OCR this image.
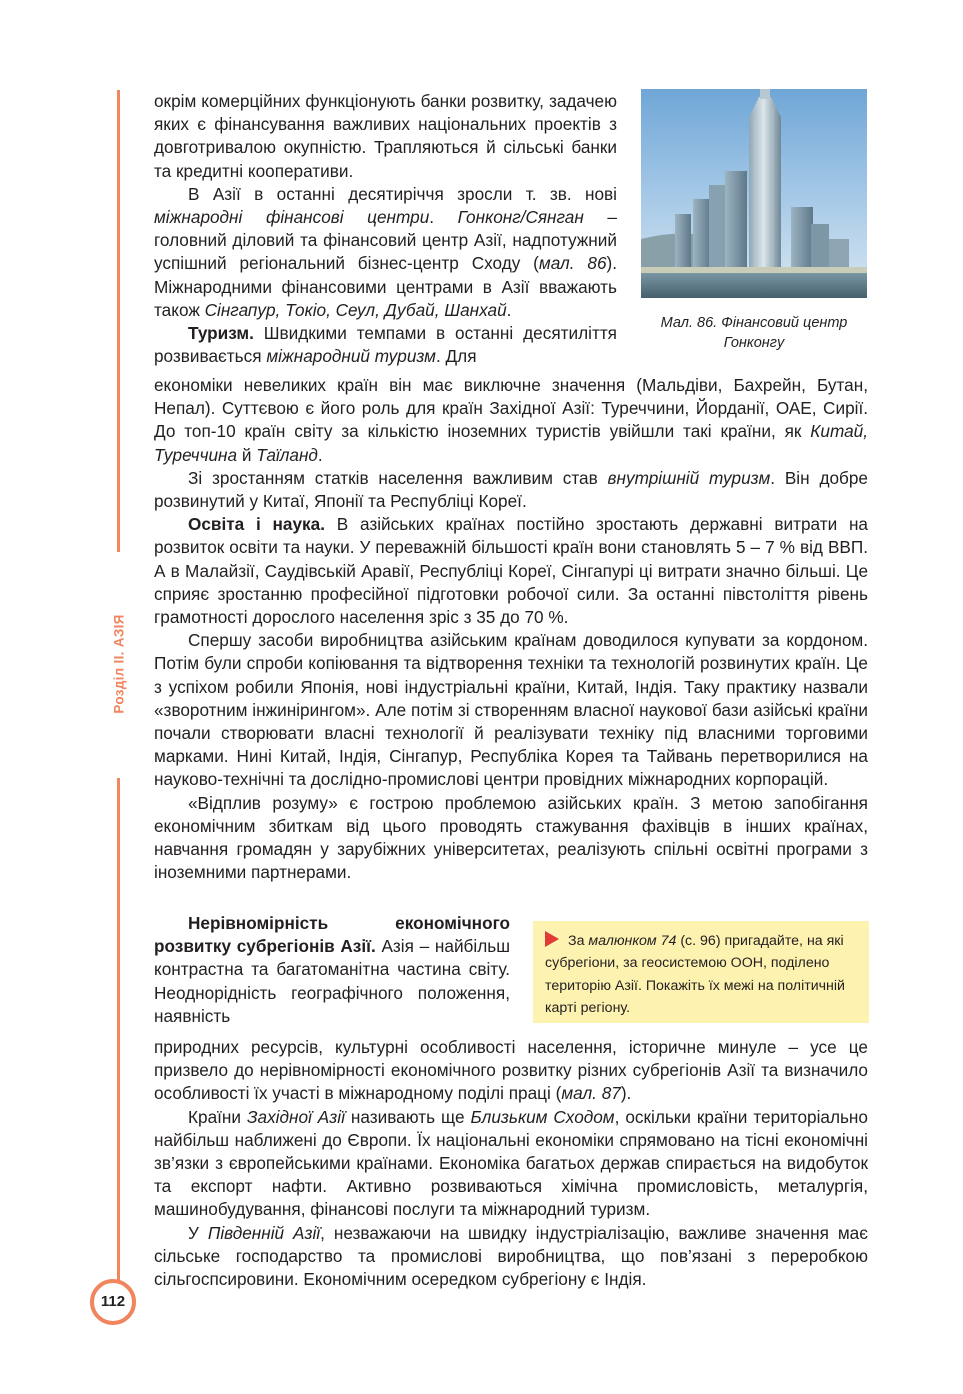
Розділ ІІ. АЗІЯ
112
Мал. 86. Фінансовий центр Гонконгу

окрім комерційних функціонують банки розвитку, задачею яких є фінансування важливих національних проектів з довготривалою окупністю. Трапляються й сільські банки та кредитні кооперативи.

В Азії в останні десятиріччя зросли т. зв. нові міжнародні фінансові центри. Гонконг/Сянган – головний діловий та фінансовий центр Азії, надпотужний успішний регіональний бізнес-центр Сходу (мал. 86). Міжнародними фінансовими центрами в Азії вважають також Сінгапур, Токіо, Сеул, Дубай, Шанхай.

Туризм. Швидкими темпами в останні десятиліття розвивається міжнародний туризм. Для

економіки невеликих країн він має виключне значення (Мальдіви, Бахрейн, Бутан, Непал). Суттєвою є його роль для країн Західної Азії: Туреччини, Йорданії, ОАЕ, Сирії. До топ-10 країн світу за кількістю іноземних туристів увійшли такі країни, як Китай, Туреччина й Таїланд.

Зі зростанням статків населення важливим став внутрішній туризм. Він добре розвинутий у Китаї, Японії та Республіці Кореї.

Освіта і наука. В азійських країнах постійно зростають державні витрати на розвиток освіти та науки. У переважній більшості країн вони становлять 5 – 7 % від ВВП. А в Малайзії, Саудівській Аравії, Республіці Кореї, Сінгапурі ці витрати значно більші. Це сприяє зростанню професійної підготовки робочої сили. За останні півстоліття рівень грамотності дорослого населення зріс з 35 до 70 %.

Спершу засоби виробництва азійським країнам доводилося купувати за кордоном. Потім були спроби копіювання та відтворення техніки та технологій розвинутих країн. Це з успіхом робили Японія, нові індустріальні країни, Китай, Індія. Таку практику назвали «зворотним інжинірингом». Але потім зі створенням власної наукової бази азійські країни почали створювати власні технології й реалізувати техніку під власними торговими марками. Нині Китай, Індія, Сінгапур, Республіка Корея та Тайвань перетворилися на науково-технічні та дослідно-промислові центри провідних міжнародних корпорацій.

«Відплив розуму» є гострою проблемою азійських країн. З метою запобігання економічним збиткам від цього проводять стажування фахівців в інших країнах, навчання громадян у зарубіжних університетах, реалізують спільні освітні програми з іноземними партнерами.

Нерівномірність економічного розвитку субрегіонів Азії. Азія – найбільш контрастна та багатоманітна частина світу. Неоднорідність географічного положення, наявність

За малюнком 74 (с. 96) пригадайте, на які субрегіони, за геосистемою ООН, поділено територію Азії. Покажіть їх межі на політичній карті регіону.

природних ресурсів, культурні особливості населення, історичне минуле – усе це призвело до нерівномірності економічного розвитку різних субрегіонів Азії та визначило особливості їх участі в міжнародному поділі праці (мал. 87).

Країни Західної Азії називають ще Близьким Сходом, оскільки країни територіально найбільш наближені до Європи. Їх національні економіки спрямовано на тісні економічні зв’язки з європейськими країнами. Економіка багатьох держав спирається на видобуток та експорт нафти. Активно розвиваються хімічна промисловість, металургія, машинобудування, фінансові послуги та міжнародний туризм.

У Південній Азії, незважаючи на швидку індустріалізацію, важливе значення має сільське господарство та промислові виробництва, що пов’язані з переробкою сільгоспсировини. Економічним осередком субрегіону є Індія.
